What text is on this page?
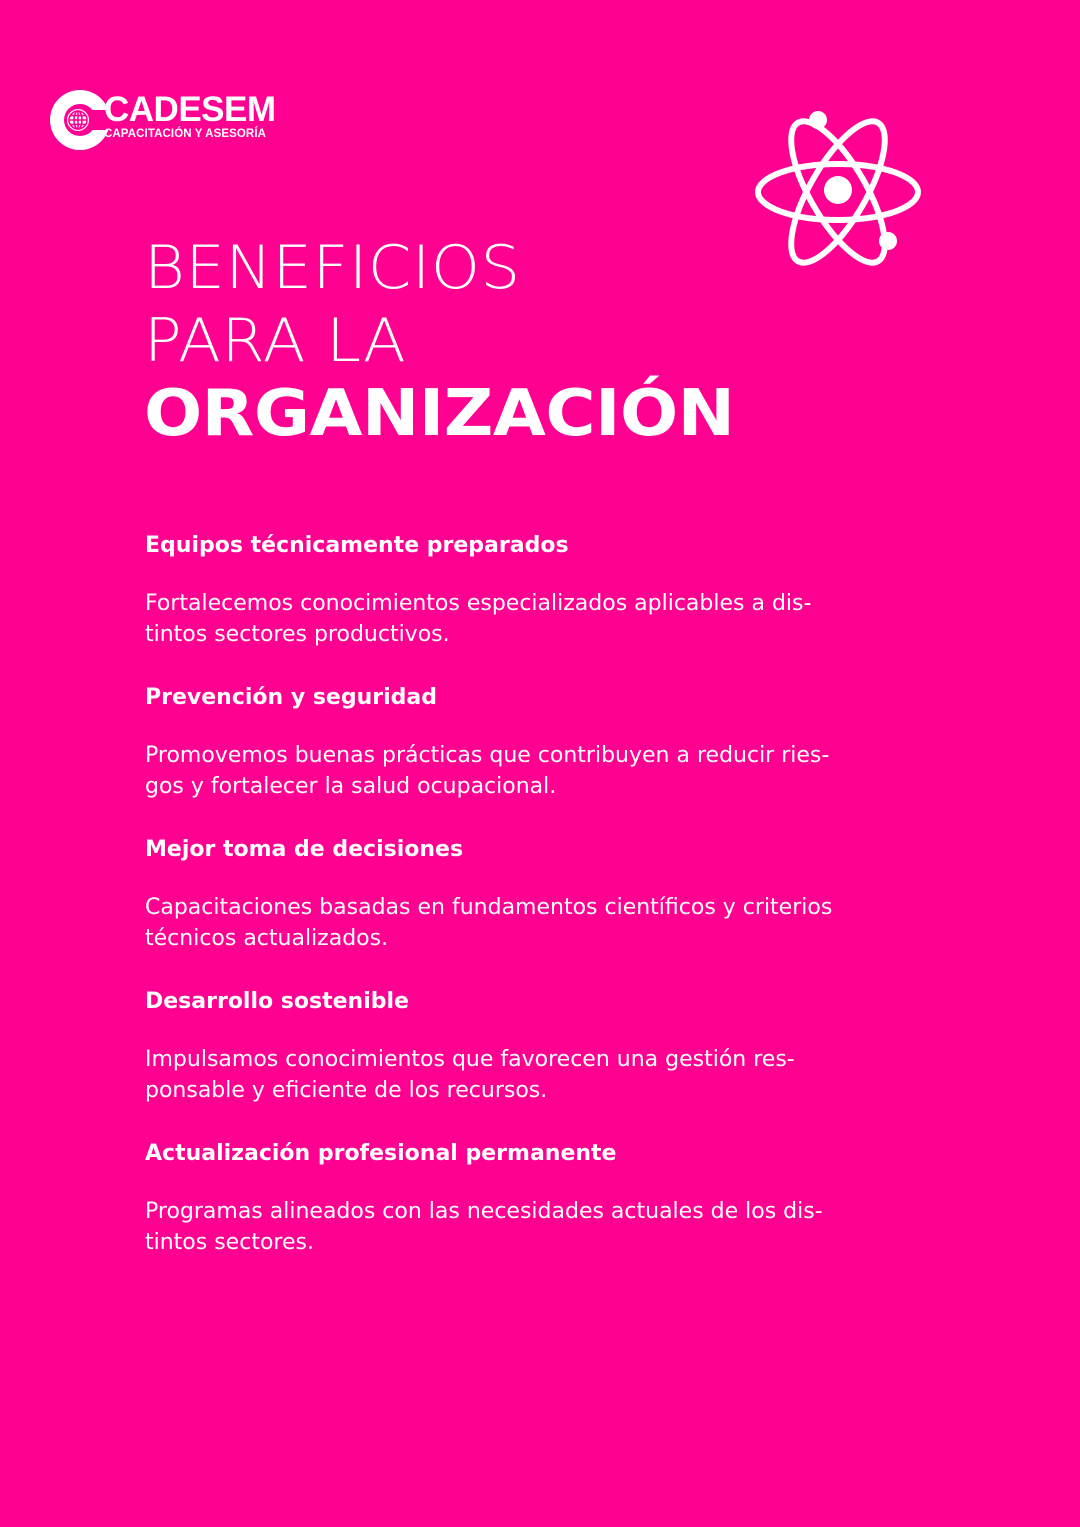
CADESEM
CAPACITACIÓN Y ASESORÍA
BENEFICIOS
PARA LA
ORGANIZACIÓN
Equipos técnicamente preparados
Fortalecemos conocimientos especializados aplicables a dis-
tintos sectores productivos.
Prevención y seguridad
Promovemos buenas prácticas que contribuyen a reducir ries-
gos y fortalecer la salud ocupacional.
Mejor toma de decisiones
Capacitaciones basadas en fundamentos científicos y criterios
técnicos actualizados.
Desarrollo sostenible
Impulsamos conocimientos que favorecen una gestión res-
ponsable y eficiente de los recursos.
Actualización profesional permanente
Programas alineados con las necesidades actuales de los dis-
tintos sectores.
